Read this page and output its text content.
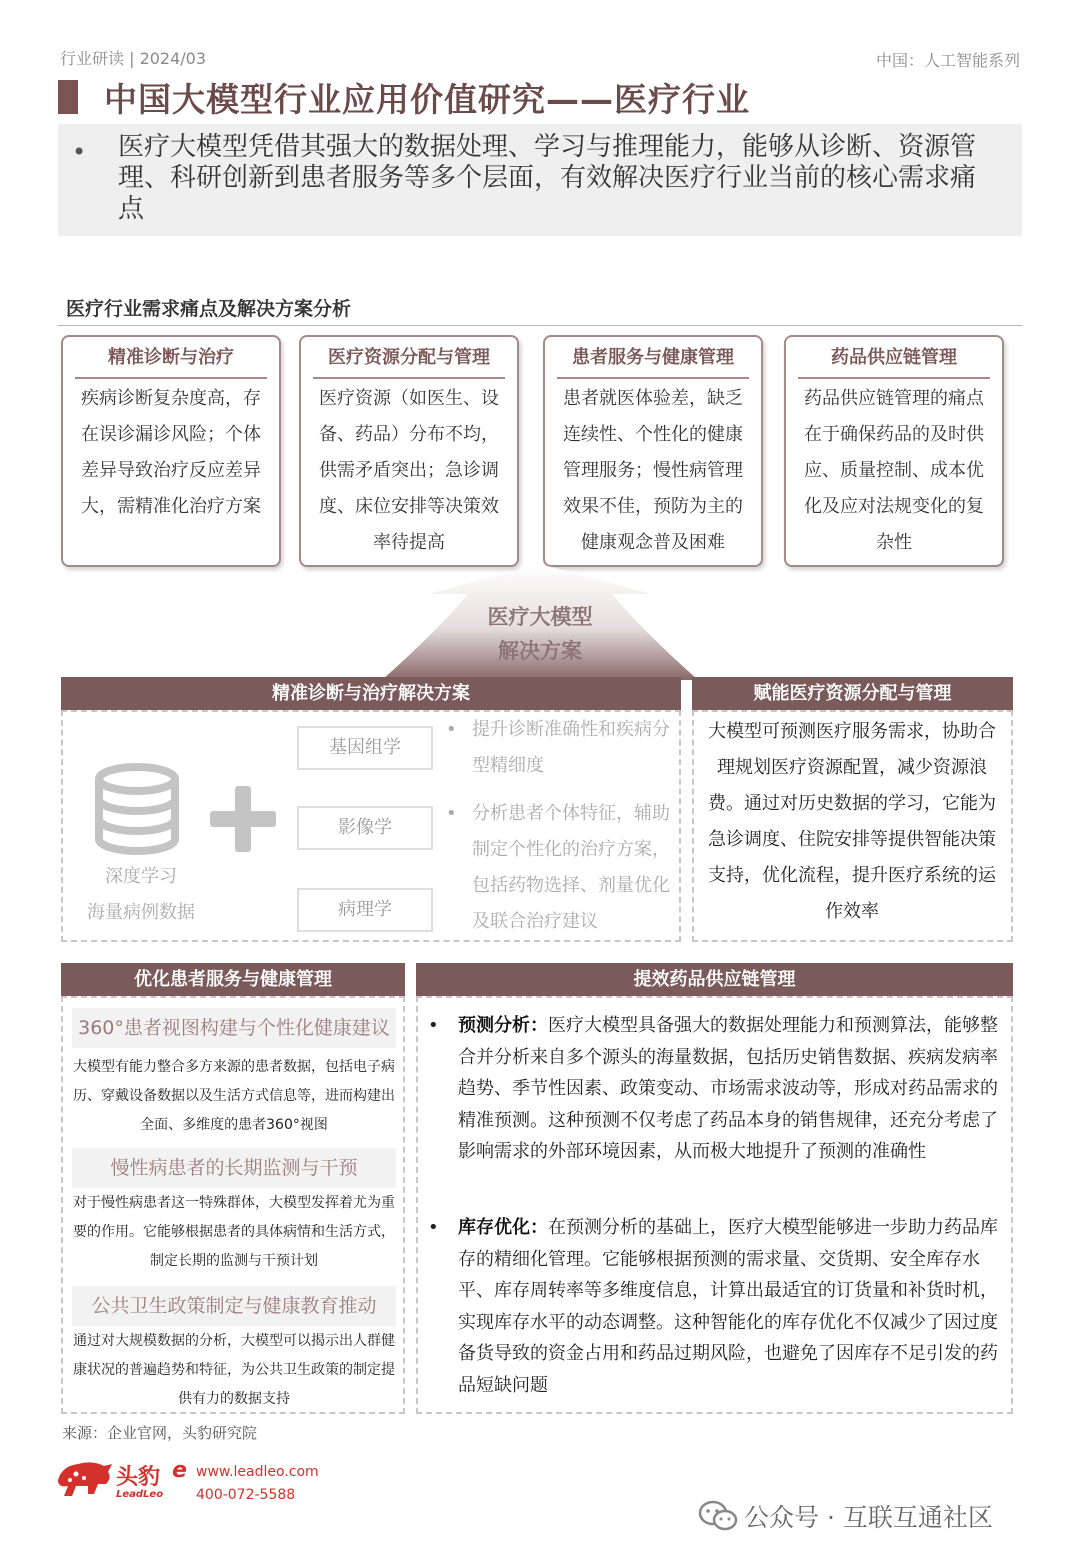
行业研读 | 2024/03	中国：人工智能系列
中国大模型行业应用价值研究——医疗行业
• 医疗大模型凭借其强大的数据处理、学习与推理能力，能够从诊断、资源管理、科研创新到患者服务等多个层面，有效解决医疗行业当前的核心需求痛点
医疗行业需求痛点及解决方案分析
精准诊断与治疗
疾病诊断复杂度高，存在误诊漏诊风险；个体差异导致治疗反应差异大，需精准化治疗方案
医疗资源分配与管理
医疗资源（如医生、设备、药品）分布不均，供需矛盾突出；急诊调度、床位安排等决策效率待提高
患者服务与健康管理
患者就医体验差，缺乏连续性、个性化的健康管理服务；慢性病管理效果不佳，预防为主的健康观念普及困难
药品供应链管理
药品供应链管理的痛点在于确保药品的及时供应、质量控制、成本优化及应对法规变化的复杂性
医疗大模型
解决方案
精准诊断与治疗解决方案
深度学习
海量病例数据
基因组学
影像学
病理学
• 提升诊断准确性和疾病分型精细度
• 分析患者个体特征，辅助制定个性化的治疗方案，包括药物选择、剂量优化及联合治疗建议
赋能医疗资源分配与管理
大模型可预测医疗服务需求，协助合理规划医疗资源配置，减少资源浪费。通过对历史数据的学习，它能为急诊调度、住院安排等提供智能决策支持，优化流程，提升医疗系统的运作效率
优化患者服务与健康管理
360°患者视图构建与个性化健康建议
大模型有能力整合多方来源的患者数据，包括电子病历、穿戴设备数据以及生活方式信息等，进而构建出全面、多维度的患者360°视图
慢性病患者的长期监测与干预
对于慢性病患者这一特殊群体，大模型发挥着尤为重要的作用。它能够根据患者的具体病情和生活方式，制定长期的监测与干预计划
公共卫生政策制定与健康教育推动
通过对大规模数据的分析，大模型可以揭示出人群健康状况的普遍趋势和特征，为公共卫生政策的制定提供有力的数据支持
提效药品供应链管理
• 预测分析：医疗大模型具备强大的数据处理能力和预测算法，能够整合并分析来自多个源头的海量数据，包括历史销售数据、疾病发病率趋势、季节性因素、政策变动、市场需求波动等，形成对药品需求的精准预测。这种预测不仅考虑了药品本身的销售规律，还充分考虑了影响需求的外部环境因素，从而极大地提升了预测的准确性
• 库存优化：在预测分析的基础上，医疗大模型能够进一步助力药品库存的精细化管理。它能够根据预测的需求量、交货期、安全库存水平、库存周转率等多维度信息，计算出最适宜的订货量和补货时机，实现库存水平的动态调整。这种智能化的库存优化不仅减少了因过度备货导致的资金占用和药品过期风险，也避免了因库存不足引发的药品短缺问题
来源：企业官网，头豹研究院
头豹
LeadLeo
e www.leadleo.com
400-072-5588
公众号 · 互联互通社区
